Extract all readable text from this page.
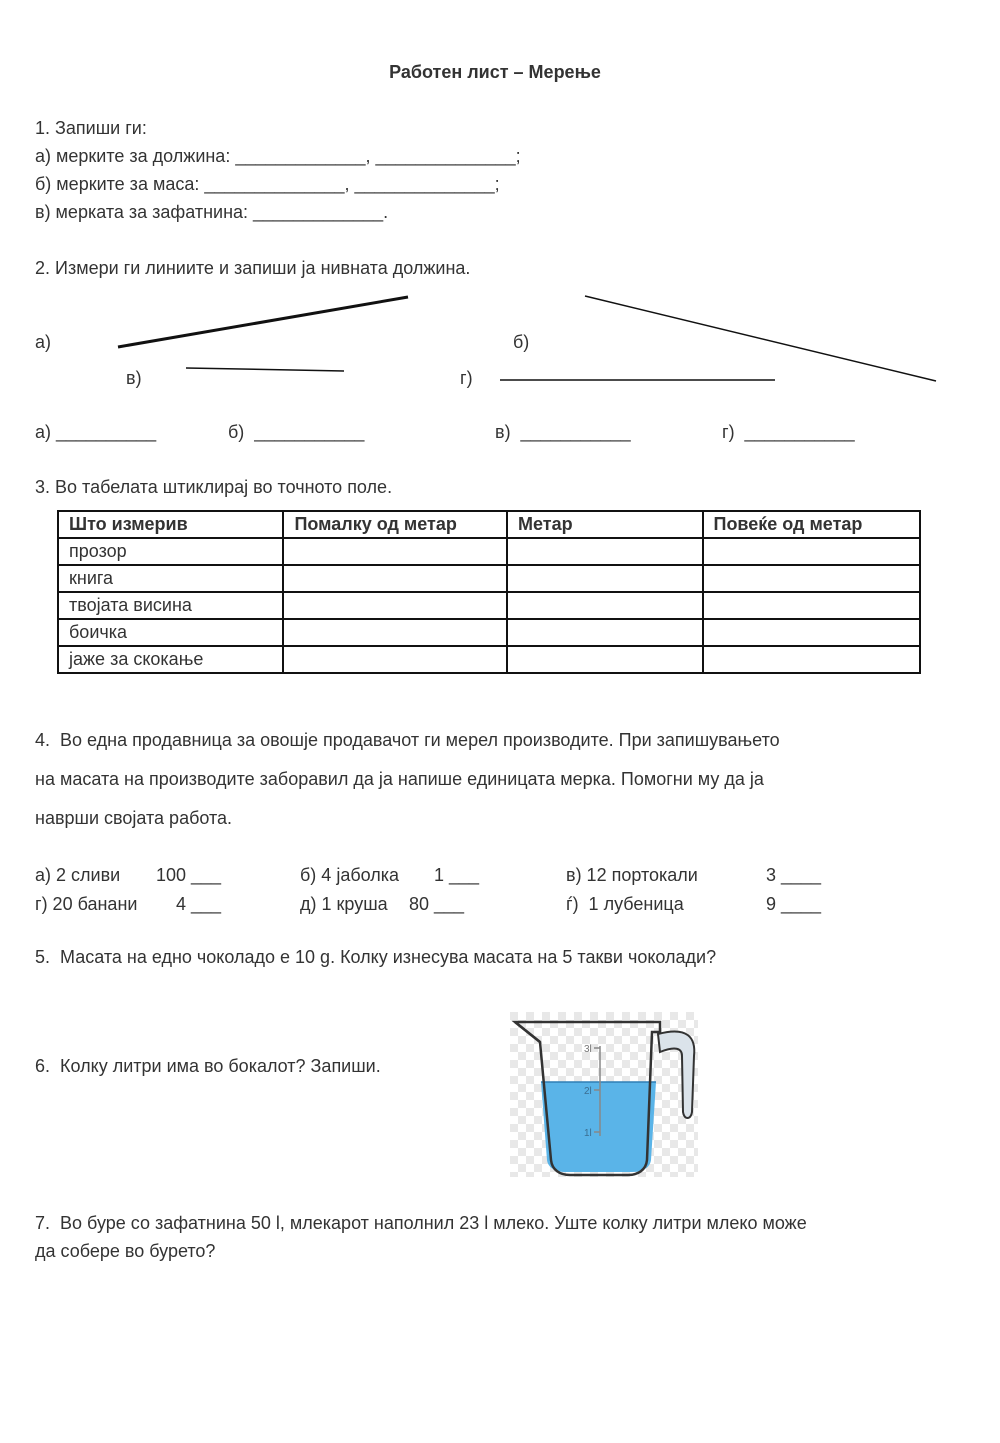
Работен лист – Мерење
1. Запиши ги:
а) мерките за должина: _____________, ______________;
б) мерките за маса: ______________, ______________;
в) мерката за зафатнина: _____________.
2. Измери ги линиите и запиши ја нивната должина.
а)	б)
в)	г)
а) __________	б)  ___________	в)  ___________	г)  ___________
3. Во табелата штиклирај во точното поле.
Што измерив	Помалку од метар	Метар	Повеќе од метар
прозор			
книга			
твојата висина			
боичка			
јаже за скокање			
4.  Во една продавница за овошје продавачот ги мерел производите. При запишувањето
на масата на производите заборавил да ја напише единицата мерка. Помогни му да ја
наврши својата работа.
а) 2 сливи 100 ___	б) 4 јаболка 1 ___	в) 12 портокали	3 ____
г) 20 банани 4 ___	д) 1 круша 80 ___	ѓ)  1 лубеница	9 ____
5.  Масата на едно чоколадо е 10 g. Колку изнесува масата на 5 такви чоколади?
6.  Колку литри има во бокалот? Запиши.
3l
2l
1l
7.  Во буре со зафатнина 50 l, млекарот наполнил 23 l млеко. Уште колку литри млеко може
да собере во бурето?
